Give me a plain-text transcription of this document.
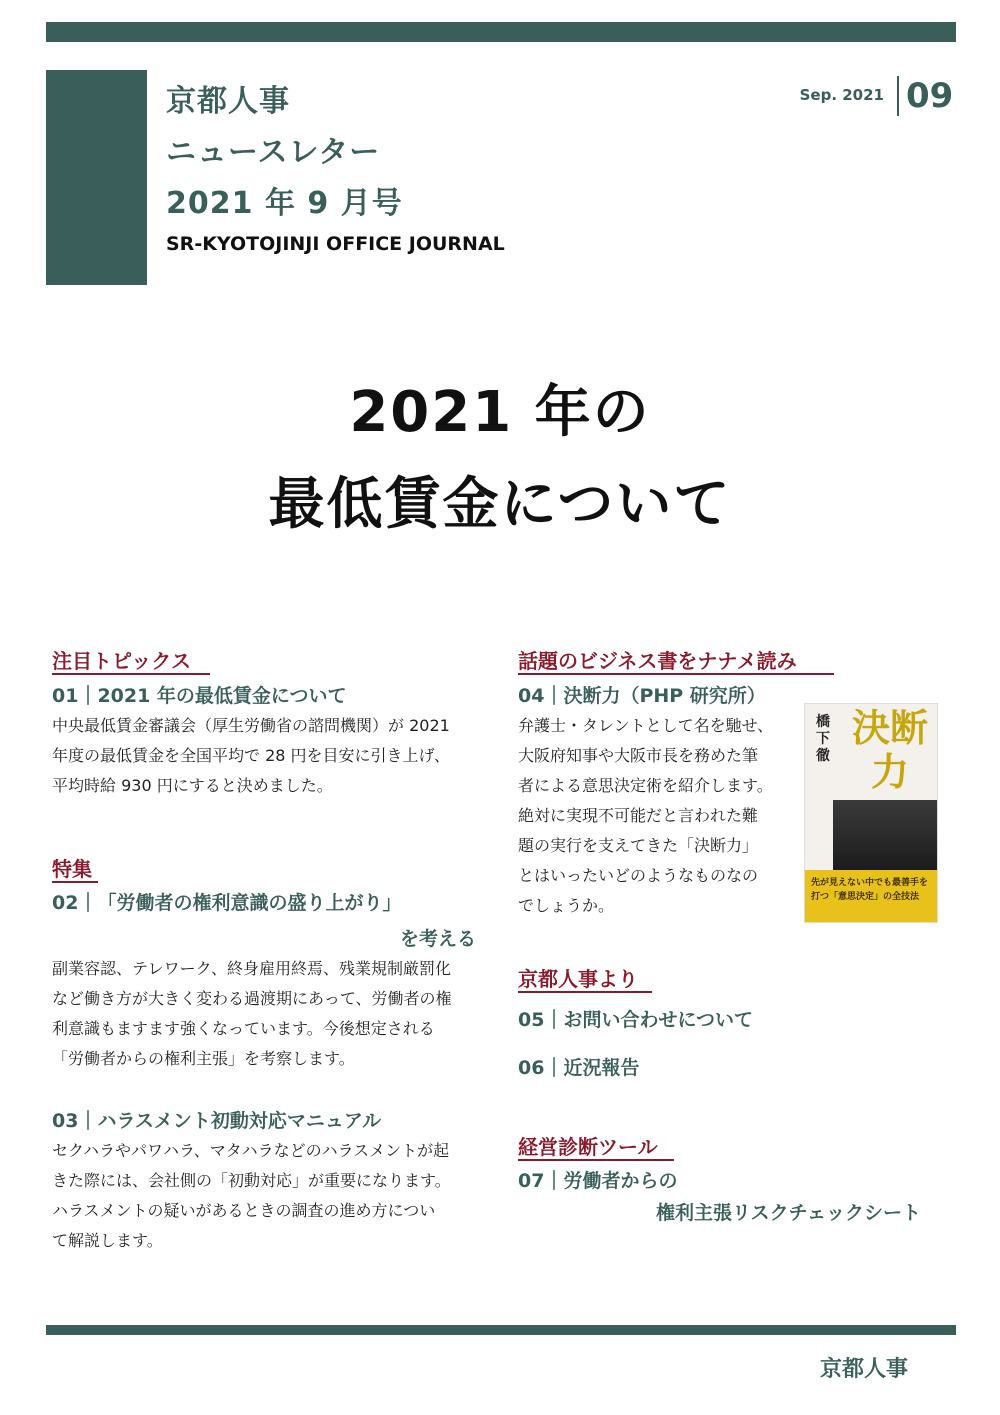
京都人事
ニュースレター
2021 年 9 月号
SR-KYOTOJINJI OFFICE JOURNAL
Sep. 2021 09
2021 年の
最低賃金について
注目トピックス
01｜2021 年の最低賃金について
中央最低賃金審議会（厚生労働省の諮問機関）が 2021
年度の最低賃金を全国平均で 28 円を目安に引き上げ、
平均時給 930 円にすると決めました。
特集
02｜「労働者の権利意識の盛り上がり」
を考える
副業容認、テレワーク、終身雇用終焉、残業規制厳罰化
など働き方が大きく変わる過渡期にあって、労働者の権
利意識もますます強くなっています。今後想定される
「労働者からの権利主張」を考察します。
03｜ハラスメント初動対応マニュアル
セクハラやパワハラ、マタハラなどのハラスメントが起
きた際には、会社側の「初動対応」が重要になります。
ハラスメントの疑いがあるときの調査の進め方につい
て解説します。
話題のビジネス書をナナメ読み
04｜決断力（PHP 研究所）
弁護士・タレントとして名を馳せ、
大阪府知事や大阪市長を務めた筆
者による意思決定術を紹介します。
絶対に実現不可能だと言われた難
題の実行を支えてきた「決断力」
とはいったいどのようなものなの
でしょうか。
橋下徹
決断力
先が見えない中でも最善手を打つ「意思決定」の全技法
京都人事より
05｜お問い合わせについて
06｜近況報告
経営診断ツール
07｜労働者からの
権利主張リスクチェックシート
京都人事
